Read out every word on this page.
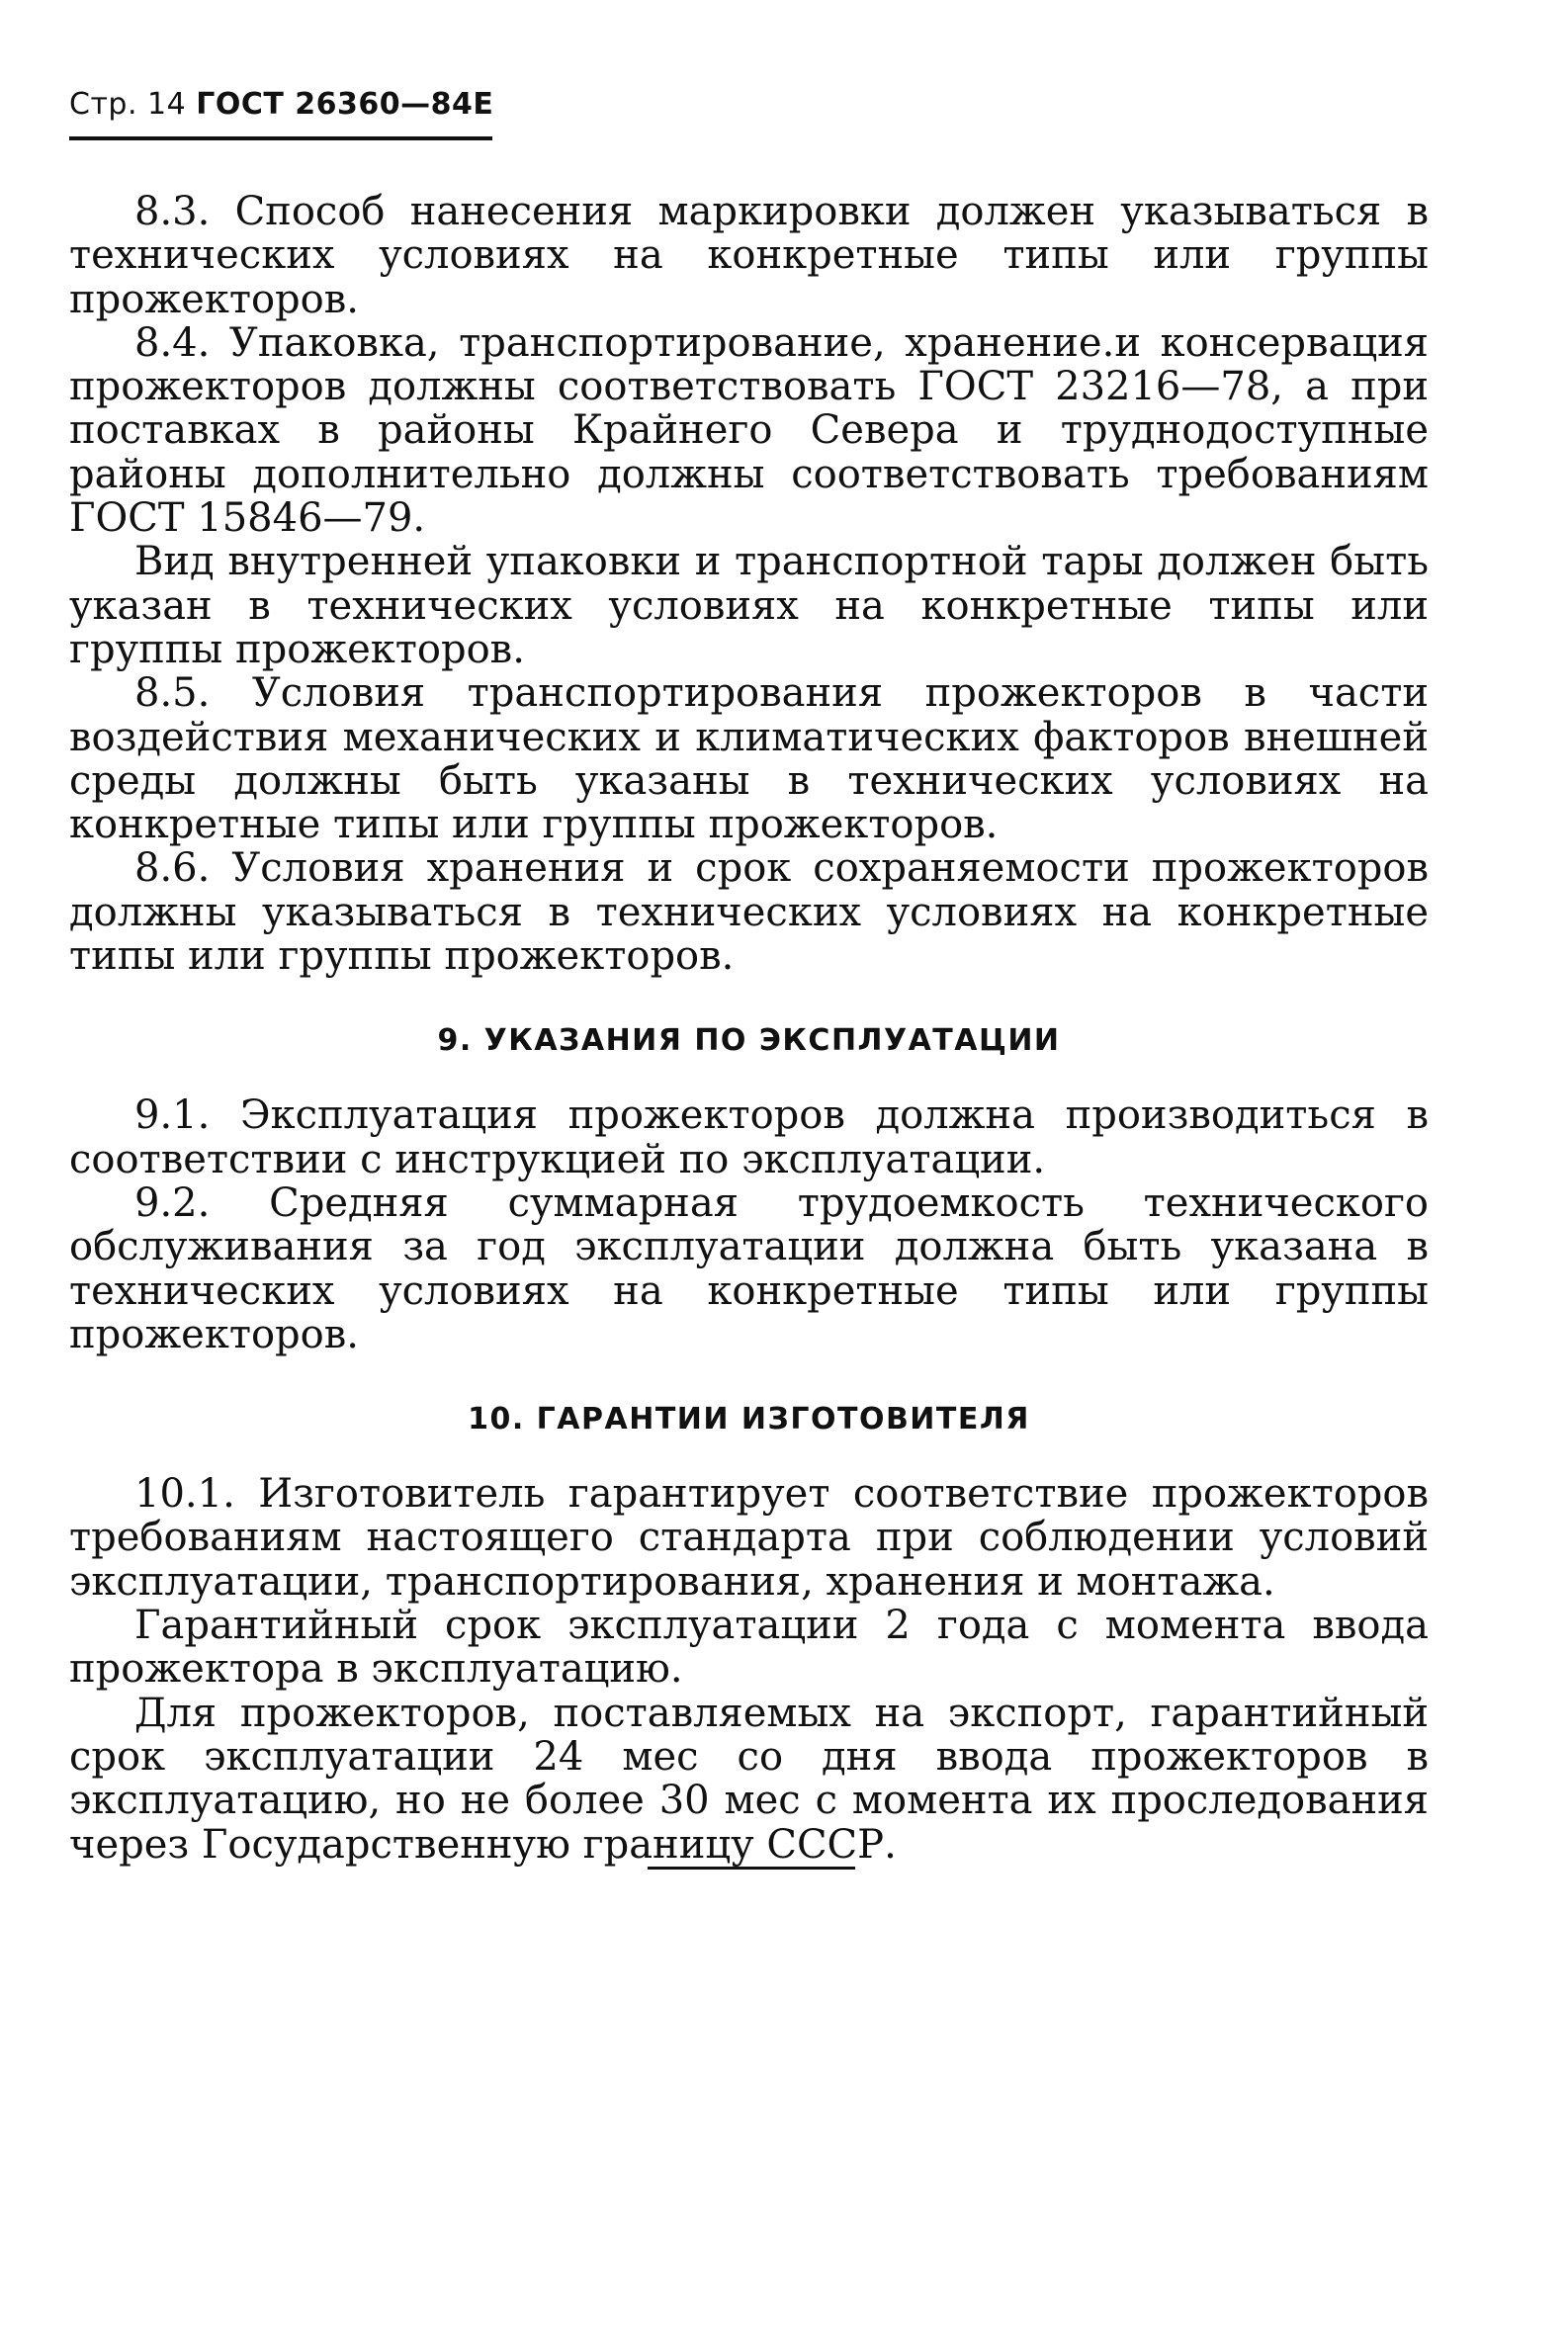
Стр. 14 ГОСТ 26360—84Е

8.3. Способ нанесения маркировки должен указываться в технических условиях на конкретные типы или группы прожекторов.

8.4. Упаковка, транспортирование, хранение.и консервация прожекторов должны соответствовать ГОСТ 23216—78, а при поставках в районы Крайнего Севера и труднодоступные районы дополнительно должны соответствовать требованиям ГОСТ 15846—79.

Вид внутренней упаковки и транспортной тары должен быть указан в технических условиях на конкретные типы или группы прожекторов.

8.5. Условия транспортирования прожекторов в части воздействия механических и климатических факторов внешней среды должны быть указаны в технических условиях на конкретные типы или группы прожекторов.

8.6. Условия хранения и срок сохраняемости прожекторов должны указываться в технических условиях на конкретные типы или группы прожекторов.

9. УКАЗАНИЯ ПО ЭКСПЛУАТАЦИИ

9.1. Эксплуатация прожекторов должна производиться в соответствии с инструкцией по эксплуатации.

9.2. Средняя суммарная трудоемкость технического обслуживания за год эксплуатации должна быть указана в технических условиях на конкретные типы или группы прожекторов.

10. ГАРАНТИИ ИЗГОТОВИТЕЛЯ

10.1. Изготовитель гарантирует соответствие прожекторов требованиям настоящего стандарта при соблюдении условий эксплуатации, транспортирования, хранения и монтажа.

Гарантийный срок эксплуатации 2 года с момента ввода прожектора в эксплуатацию.

Для прожекторов, поставляемых на экспорт, гарантийный срок эксплуатации 24 мес со дня ввода прожекторов в эксплуатацию, но не более 30 мес с момента их проследования через Государственную границу СССР.
